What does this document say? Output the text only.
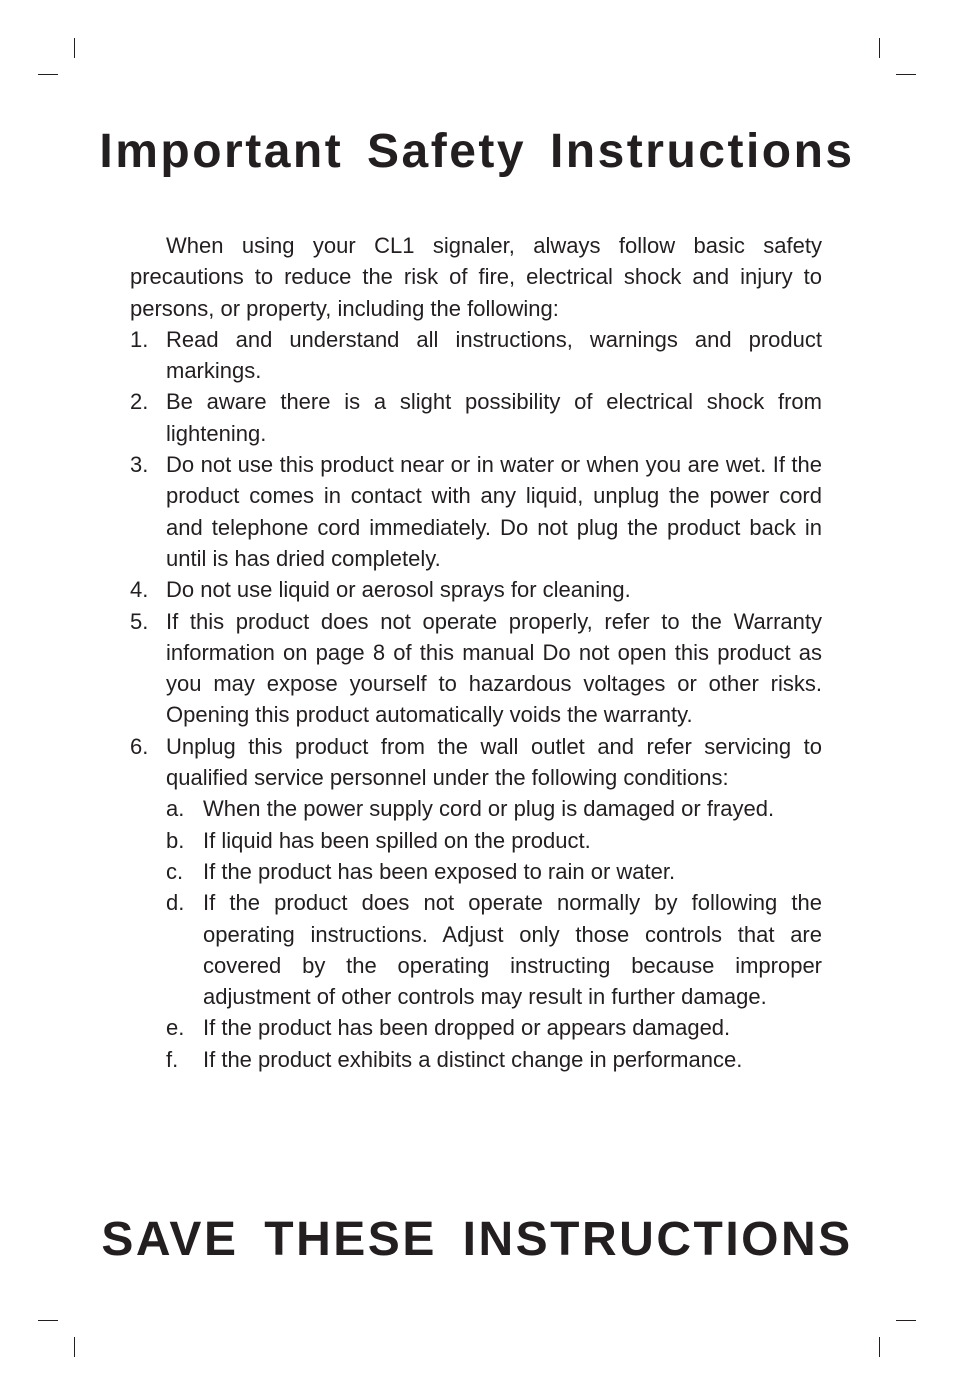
Important Safety Instructions

When using your CL1 signaler, always follow basic safety precautions to reduce the risk of fire, electrical shock and injury to persons, or property, including the following:

1. Read and understand all instructions, warnings and product markings.
2. Be aware there is a slight possibility of electrical shock from lightening.
3. Do not use this product near or in water or when you are wet. If the product comes in contact with any liquid, unplug the power cord and telephone cord immediately. Do not plug the product back in until is has dried completely.
4. Do not use liquid or aerosol sprays for cleaning.
5. If this product does not operate properly, refer to the Warranty information on page 8 of this manual Do not open this product as you may expose yourself to hazardous voltages or other risks. Opening this product automatically voids the warranty.
6. Unplug this product from the wall outlet and refer servicing to qualified service personnel under the following conditions:
a. When the power supply cord or plug is damaged or frayed.
b. If liquid has been spilled on the product.
c. If the product has been exposed to rain or water.
d. If the product does not operate normally by following the operating instructions. Adjust only those controls that are covered by the operating instructing because improper adjustment of other controls may result in further damage.
e. If the product has been dropped or appears damaged.
f. If the product exhibits a distinct change in performance.
SAVE THESE INSTRUCTIONS
